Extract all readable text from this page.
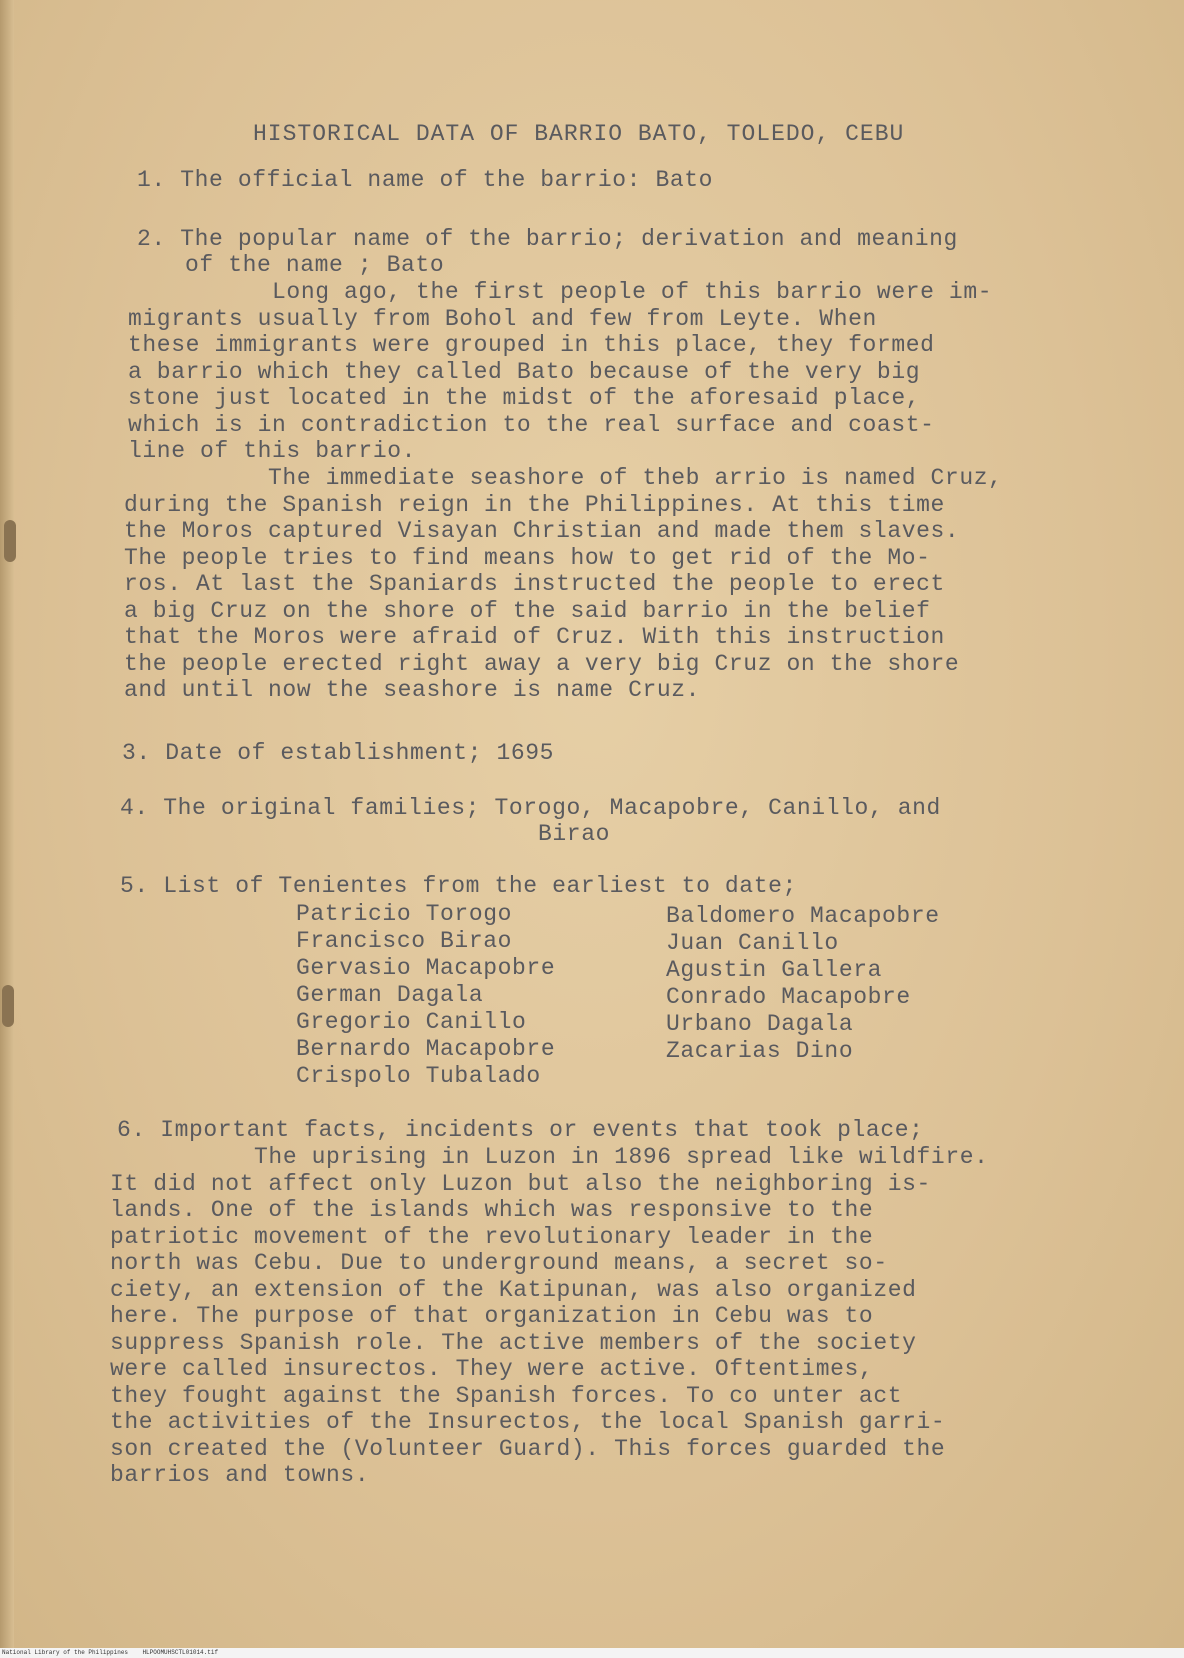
HISTORICAL DATA OF BARRIO BATO, TOLEDO, CEBU
1. The official name of the barrio: Bato
2. The popular name of the barrio; derivation and meaning
of the name ; Bato
Long ago, the first people of this barrio were im-
migrants usually from Bohol and few from Leyte. When
these immigrants were grouped in this place, they formed
a barrio which they called Bato because of the very big
stone just located in the midst of the aforesaid place,
which is in contradiction to the real surface and coast-
line of this barrio.
The immediate seashore of theb arrio is named Cruz,
during the Spanish reign in the Philippines. At this time
the Moros captured Visayan Christian and made them slaves.
The people tries to find means how to get rid of the Mo-
ros. At last the Spaniards instructed the people to erect
a big Cruz on the shore of the said barrio in the belief
that the Moros were afraid of Cruz. With this instruction
the people erected right away a very big Cruz on the shore
and until now the seashore is name Cruz.
3. Date of establishment; 1695
4. The original families; Torogo, Macapobre, Canillo, and
Birao
5. List of Tenientes from the earliest to date;
Patricio Torogo
Francisco Birao
Gervasio Macapobre
German Dagala
Gregorio Canillo
Bernardo Macapobre
Crispolo Tubalado
Baldomero Macapobre
Juan Canillo
Agustin Gallera
Conrado Macapobre
Urbano Dagala
Zacarias Dino
6. Important facts, incidents or events that took place;
The uprising in Luzon in 1896 spread like wildfire.
It did not affect only Luzon but also the neighboring is-
lands. One of the islands which was responsive to the
patriotic movement of the revolutionary leader in the
north was Cebu. Due to underground means, a secret so-
ciety, an extension of the Katipunan, was also organized
here. The purpose of that organization in Cebu was to
suppress Spanish role. The active members of the society
were called insurectos. They were active. Oftentimes,
they fought against the Spanish forces. To co unter act
the activities of the Insurectos, the local Spanish garri-
son created the (Volunteer Guard). This forces guarded the
barrios and towns.
National Library of the Philippines HLPOOMUHSCTL01014.tif
